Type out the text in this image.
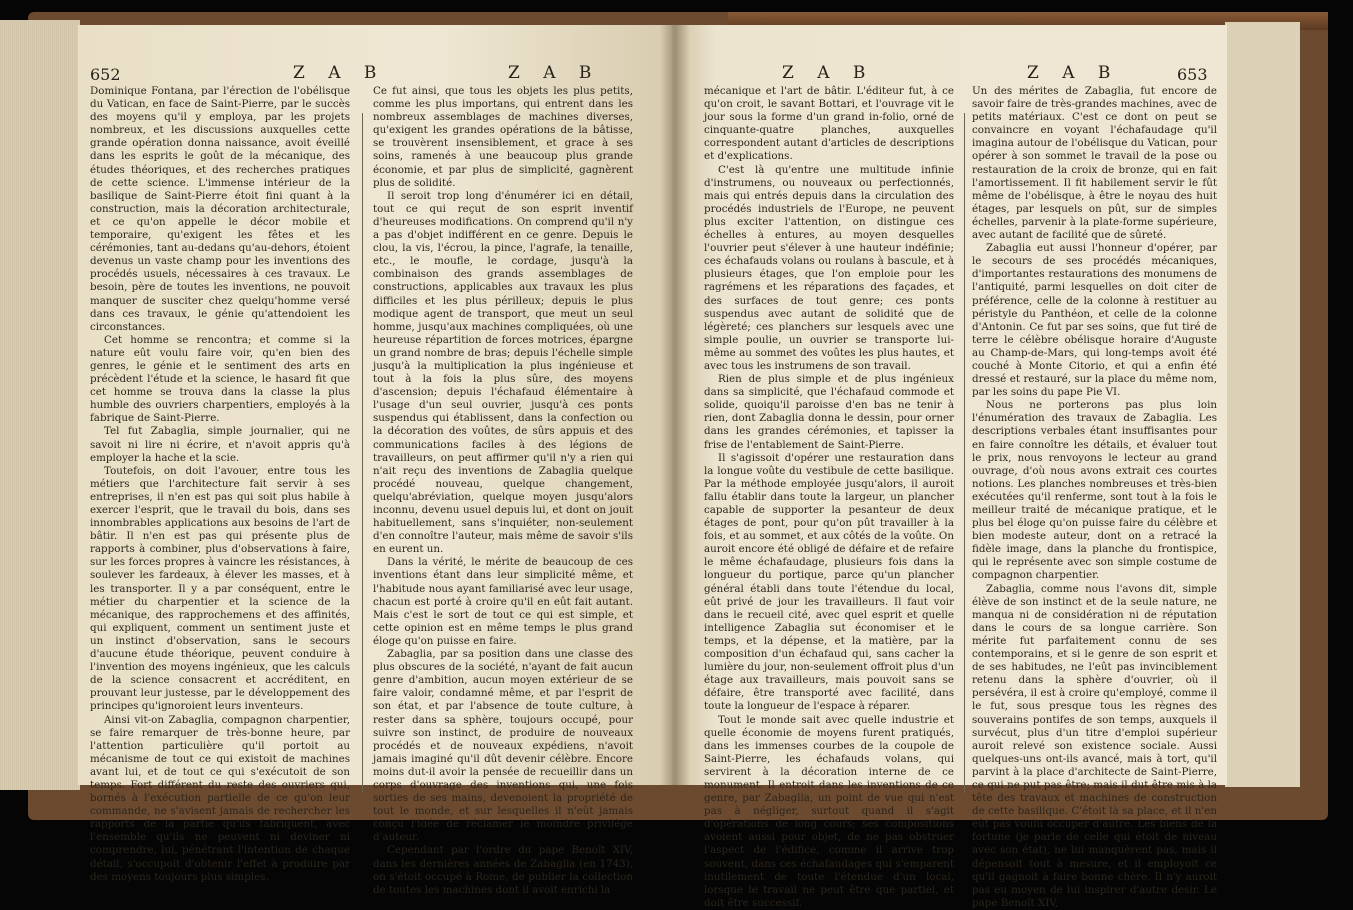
652	Z A B	Z A B

Dominique Fontana, par l'érection de l'obélisque du Vatican, en face de Saint-Pierre, par le succès des moyens qu'il y employa, par les projets nombreux, et les discussions auxquelles cette grande opération donna naissance, avoit éveillé dans les esprits le goût de la mécanique, des études théoriques, et des recherches pratiques de cette science. L'immense intérieur de la basilique de Saint-Pierre étoit fini quant à la construction, mais la décoration architecturale, et ce qu'on appelle le décor mobile et temporaire, qu'exigent les fêtes et les cérémonies, tant au-dedans qu'au-dehors, étoient devenus un vaste champ pour les inventions des procédés usuels, nécessaires à ces travaux. Le besoin, père de toutes les inventions, ne pouvoit manquer de susciter chez quelqu'homme versé dans ces travaux, le génie qu'attendoient les circonstances.

Cet homme se rencontra; et comme si la nature eût voulu faire voir, qu'en bien des genres, le génie et le sentiment des arts en précèdent l'étude et la science, le hasard fit que cet homme se trouva dans la classe la plus humble des ouvriers charpentiers, employés à la fabrique de Saint-Pierre.

Tel fut Zabaglia, simple journalier, qui ne savoit ni lire ni écrire, et n'avoit appris qu'à employer la hache et la scie.

Toutefois, on doit l'avouer, entre tous les métiers que l'architecture fait servir à ses entreprises, il n'en est pas qui soit plus habile à exercer l'esprit, que le travail du bois, dans ses innombrables applications aux besoins de l'art de bâtir. Il n'en est pas qui présente plus de rapports à combiner, plus d'observations à faire, sur les forces propres à vaincre les résistances, à soulever les fardeaux, à élever les masses, et à les transporter. Il y a par conséquent, entre le métier du charpentier et la science de la mécanique, des rapprochemens et des affinités, qui expliquent, comment un sentiment juste et un instinct d'observation, sans le secours d'aucune étude théorique, peuvent conduire à l'invention des moyens ingénieux, que les calculs de la science consacrent et accréditent, en prouvant leur justesse, par le développement des principes qu'ignoroient leurs inventeurs.

Ainsi vit-on Zabaglia, compagnon charpentier, se faire remarquer de très-bonne heure, par l'attention particulière qu'il portoit au mécanisme de tout ce qui existoit de machines avant lui, et de tout ce qui s'exécutoit de son temps. Fort différent du reste des ouvriers qui, bornés à l'exécution partielle de ce qu'on leur commande, ne s'avisent jamais de rechercher les rapports de la partie qu'ils fabriquent, avec l'ensemble qu'ils ne peuvent ni deviner ni comprendre, lui, pénétrant l'intention de chaque détail, s'occupoit d'obtenir l'effet à produire par des moyens toujours plus simples.

Ce fut ainsi, que tous les objets les plus petits, comme les plus importans, qui entrent dans les nombreux assemblages de machines diverses, qu'exigent les grandes opérations de la bâtisse, se trouvèrent insensiblement, et grace à ses soins, ramenés à une beaucoup plus grande économie, et par plus de simplicité, gagnèrent plus de solidité.

Il seroit trop long d'énumérer ici en détail, tout ce qui reçut de son esprit inventif d'heureuses modifications. On comprend qu'il n'y a pas d'objet indifférent en ce genre. Depuis le clou, la vis, l'écrou, la pince, l'agrafe, la tenaille, etc., le moufle, le cordage, jusqu'à la combinaison des grands assemblages de constructions, applicables aux travaux les plus difficiles et les plus périlleux; depuis le plus modique agent de transport, que meut un seul homme, jusqu'aux machines compliquées, où une heureuse répartition de forces motrices, épargne un grand nombre de bras; depuis l'échelle simple jusqu'à la multiplication la plus ingénieuse et tout à la fois la plus sûre, des moyens d'ascension; depuis l'échafaud élémentaire à l'usage d'un seul ouvrier, jusqu'à ces ponts suspendus qui établissent, dans la confection ou la décoration des voûtes, de sûrs appuis et des communications faciles à des légions de travailleurs, on peut affirmer qu'il n'y a rien qui n'ait reçu des inventions de Zabaglia quelque procédé nouveau, quelque changement, quelqu'abréviation, quelque moyen jusqu'alors inconnu, devenu usuel depuis lui, et dont on jouit habituellement, sans s'inquiéter, non-seulement d'en connoître l'auteur, mais même de savoir s'ils en eurent un.

Dans la vérité, le mérite de beaucoup de ces inventions étant dans leur simplicité même, et l'habitude nous ayant familiarisé avec leur usage, chacun est porté à croire qu'il en eût fait autant. Mais c'est le sort de tout ce qui est simple, et cette opinion est en même temps le plus grand éloge qu'on puisse en faire.

Zabaglia, par sa position dans une classe des plus obscures de la société, n'ayant de fait aucun genre d'ambition, aucun moyen extérieur de se faire valoir, condamné même, et par l'esprit de son état, et par l'absence de toute culture, à rester dans sa sphère, toujours occupé, pour suivre son instinct, de produire de nouveaux procédés et de nouveaux expédiens, n'avoit jamais imaginé qu'il dût devenir célèbre. Encore moins dut-il avoir la pensée de recueillir dans un corps d'ouvrage des inventions qui, une fois sorties de ses mains, devenoient la propriété de tout le monde, et sur lesquelles il n'eût jamais conçu l'idée de réclamer le moindre privilège d'auteur.

Cependant par l'ordre du pape Benoît XIV, dans les dernières années de Zabaglia (en 1743), on s'étoit occupé à Rome, de publier la collection de toutes les machines dont il avoit enrichi la

Z A B	Z A B	653

mécanique et l'art de bâtir. L'éditeur fut, à ce qu'on croit, le savant Bottari, et l'ouvrage vit le jour sous la forme d'un grand in-folio, orné de cinquante-quatre planches, auxquelles correspondent autant d'articles de descriptions et d'explications.

C'est là qu'entre une multitude infinie d'instrumens, ou nouveaux ou perfectionnés, mais qui entrés depuis dans la circulation des procédés industriels de l'Europe, ne peuvent plus exciter l'attention, on distingue ces échelles à entures, au moyen desquelles l'ouvrier peut s'élever à une hauteur indéfinie; ces échafauds volans ou roulans à bascule, et à plusieurs étages, que l'on emploie pour les ragrémens et les réparations des façades, et des surfaces de tout genre; ces ponts suspendus avec autant de solidité que de légèreté; ces planchers sur lesquels avec une simple poulie, un ouvrier se transporte lui-même au sommet des voûtes les plus hautes, et avec tous les instrumens de son travail.

Rien de plus simple et de plus ingénieux dans sa simplicité, que l'échafaud commode et solide, quoiqu'il paroisse d'en bas ne tenir à rien, dont Zabaglia donna le dessin, pour orner dans les grandes cérémonies, et tapisser la frise de l'entablement de Saint-Pierre.

Il s'agissoit d'opérer une restauration dans la longue voûte du vestibule de cette basilique. Par la méthode employée jusqu'alors, il auroit fallu établir dans toute la largeur, un plancher capable de supporter la pesanteur de deux étages de pont, pour qu'on pût travailler à la fois, et au sommet, et aux côtés de la voûte. On auroit encore été obligé de défaire et de refaire le même échafaudage, plusieurs fois dans la longueur du portique, parce qu'un plancher général établi dans toute l'étendue du local, eût privé de jour les travailleurs. Il faut voir dans le recueil cité, avec quel esprit et quelle intelligence Zabaglia sut économiser et le temps, et la dépense, et la matière, par la composition d'un échafaud qui, sans cacher la lumière du jour, non-seulement offroit plus d'un étage aux travailleurs, mais pouvoit sans se défaire, être transporté avec facilité, dans toute la longueur de l'espace à réparer.

Tout le monde sait avec quelle industrie et quelle économie de moyens furent pratiqués, dans les immenses courbes de la coupole de Saint-Pierre, les échafauds volans, qui servirent à la décoration interne de ce monument. Il entroit dans les inventions de ce genre, par Zabaglia, un point de vue qui n'est pas à négliger, surtout quand il s'agit d'opérations de long cours; ses compositions avoient aussi pour objet, de ne pas obstruer l'aspect de l'édifice, comme il arrive trop souvent, dans ces échafaudages qui s'emparent inutilement de toute l'étendue d'un local, lorsque le travail ne peut être que partiel, et doit être successif.

Un des mérites de Zabaglia, fut encore de savoir faire de très-grandes machines, avec de petits matériaux. C'est ce dont on peut se convaincre en voyant l'échafaudage qu'il imagina autour de l'obélisque du Vatican, pour opérer à son sommet le travail de la pose ou restauration de la croix de bronze, qui en fait l'amortissement. Il fit habilement servir le fût même de l'obélisque, à être le noyau des huit étages, par lesquels on pût, sur de simples échelles, parvenir à la plate-forme supérieure, avec autant de facilité que de sûreté.

Zabaglia eut aussi l'honneur d'opérer, par le secours de ses procédés mécaniques, d'importantes restaurations des monumens de l'antiquité, parmi lesquelles on doit citer de préférence, celle de la colonne à restituer au péristyle du Panthéon, et celle de la colonne d'Antonin. Ce fut par ses soins, que fut tiré de terre le célèbre obélisque horaire d'Auguste au Champ-de-Mars, qui long-temps avoit été couché à Monte Citorio, et qui a enfin été dressé et restauré, sur la place du même nom, par les soins du pape Pie VI.

Nous ne porterons pas plus loin l'énumération des travaux de Zabaglia. Les descriptions verbales étant insuffisantes pour en faire connoître les détails, et évaluer tout le prix, nous renvoyons le lecteur au grand ouvrage, d'où nous avons extrait ces courtes notions. Les planches nombreuses et très-bien exécutées qu'il renferme, sont tout à la fois le meilleur traité de mécanique pratique, et le plus bel éloge qu'on puisse faire du célèbre et bien modeste auteur, dont on a retracé la fidèle image, dans la planche du frontispice, qui le représente avec son simple costume de compagnon charpentier.

Zabaglia, comme nous l'avons dit, simple élève de son instinct et de la seule nature, ne manqua ni de considération ni de réputation dans le cours de sa longue carrière. Son mérite fut parfaitement connu de ses contemporains, et si le genre de son esprit et de ses habitudes, ne l'eût pas invinciblement retenu dans la sphère d'ouvrier, où il persévéra, il est à croire qu'employé, comme il le fut, sous presque tous les règnes des souverains pontifes de son temps, auxquels il survécut, plus d'un titre d'emploi supérieur auroit relevé son existence sociale. Aussi quelques-uns ont-ils avancé, mais à tort, qu'il parvint à la place d'architecte de Saint-Pierre, ce qui ne put pas être; mais il dut être mis à la tête des travaux et machines de construction de cette basilique. C'étoit là sa place, et il n'en eût pas voulu occuper d'autre. Les biens de la fortune (je parle de celle qui étoit de niveau avec son état), ne lui manquèrent pas, mais il dépensoit tout à mesure, et il employoit ce qu'il gagnoit à faire bonne chère. Il n'y auroit pas eu moyen de lui inspirer d'autre desir. Le pape Benoît XIV,
